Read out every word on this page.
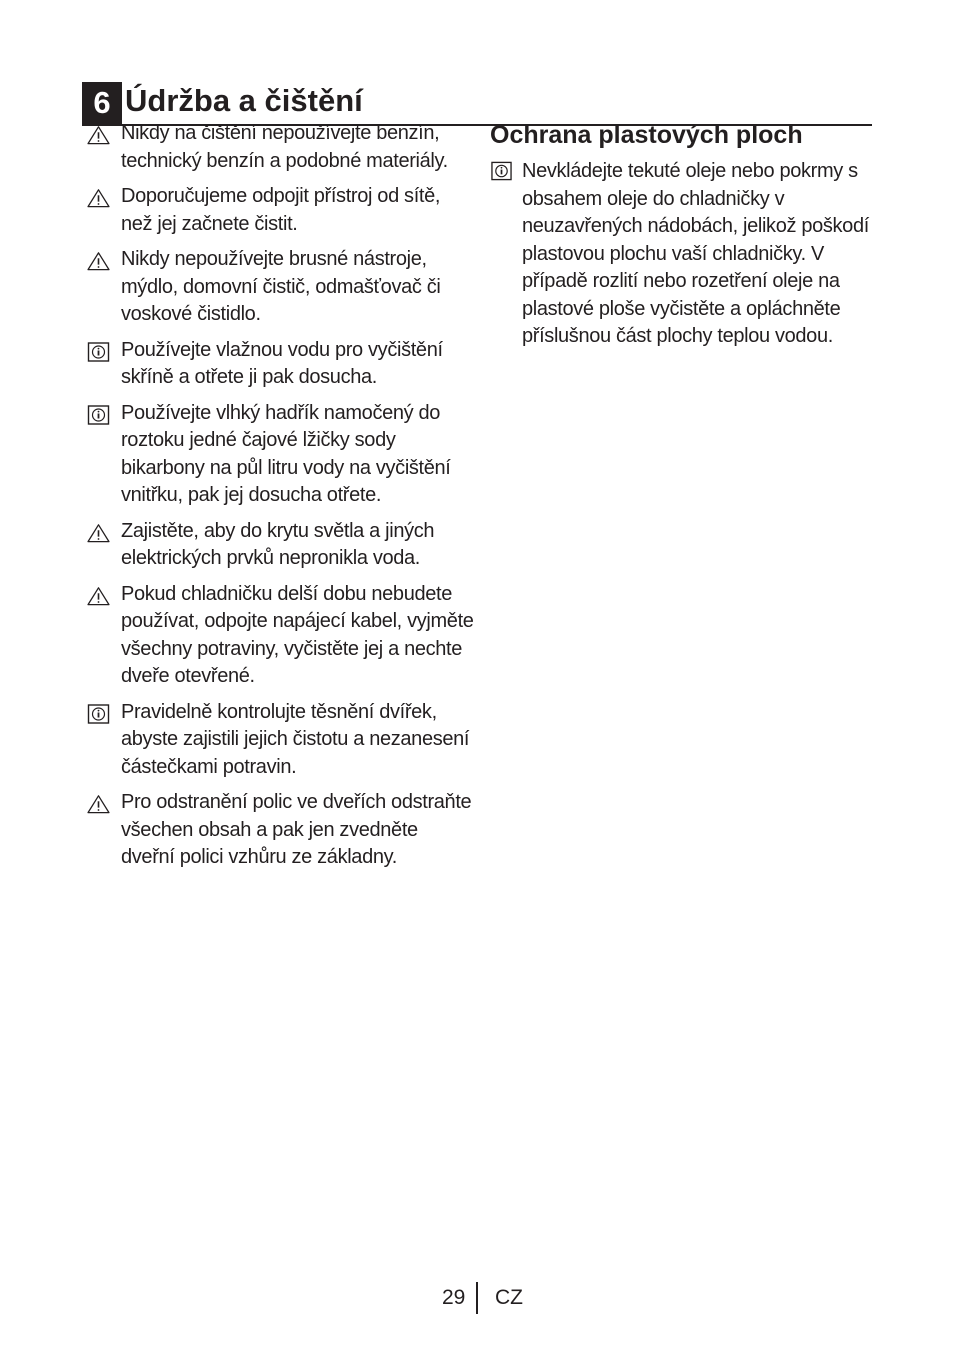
6 Údržba a čištění
Nikdy na čištění nepoužívejte benzín, technický benzín a podobné materiály.
Doporučujeme odpojit přístroj od sítě, než jej začnete čistit.
Nikdy nepoužívejte brusné nástroje, mýdlo, domovní čistič, odmašťovač či voskové čistidlo.
Používejte vlažnou vodu pro vyčištění skříně a otřete ji pak dosucha.
Používejte vlhký hadřík namočený do roztoku jedné čajové lžičky sody bikarbony na půl litru vody na vyčištění vnitřku, pak jej dosucha otřete.
Zajistěte, aby do krytu světla a jiných elektrických prvků nepronikla voda.
Pokud chladničku delší dobu nebudete používat, odpojte napájecí kabel, vyjměte všechny potraviny, vyčistěte jej a nechte dveře otevřené.
Pravidelně kontrolujte těsnění dvířek, abyste zajistili jejich čistotu a nezanesení částečkami potravin.
Pro odstranění polic ve dveřích odstraňte všechen obsah a pak jen zvedněte dveřní polici vzhůru ze základny.
Ochrana plastových ploch
Nevkládejte tekuté oleje nebo pokrmy s obsahem oleje do chladničky v neuzavřených nádobách, jelikož poškodí plastovou plochu vaší chladničky. V případě rozlití nebo rozetření oleje na plastové ploše vyčistěte a opláchněte příslušnou část plochy teplou vodou.
29 CZ
